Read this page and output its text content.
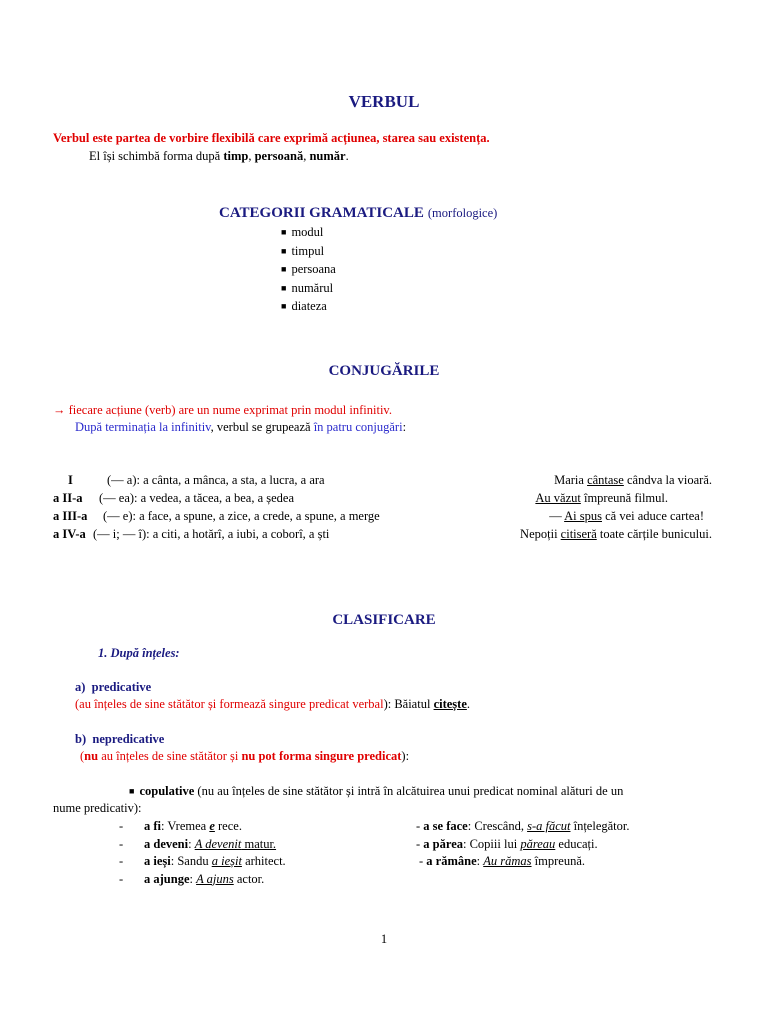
VERBUL
Verbul este partea de vorbire flexibilă care exprimă acțiunea, starea sau existența.
El își schimbă forma după timp, persoană, număr.
CATEGORII GRAMATICALE (morfologice)
■ modul
■ timpul
■ persoana
■ numărul
■ diateza
CONJUGĂRILE
→ fiecare acțiune (verb) are un nume exprimat prin modul infinitiv.
După terminația la infinitiv, verbul se grupează în patru conjugări:
I	(— a): a cânta, a mânca, a sta, a lucra, a ara
a II-a (— ea): a vedea, a tăcea, a bea, a ședea
a III-a (— e): a face, a spune, a zice, a crede, a spune, a merge
a IV-a (— i; — î): a citi, a hotărî, a iubi, a coborî, a ști
Maria cântase cândva la vioară.
Au văzut împreună filmul.
— Ai spus că vei aduce cartea!
Nepoții citiseră toate cărțile bunicului.
CLASIFICARE
1. După înțeles:
a) predicative
(au înțeles de sine stătător și formează singure predicat verbal): Băiatul citește.
b) nepredicative
(nu au înțeles de sine stătător și nu pot forma singure predicat):
■ copulative (nu au înțeles de sine stătător și intră în alcătuirea unui predicat nominal alături de un
nume predicativ):
- a fi: Vremea e rece.
- a deveni: A devenit matur.
- a ieși: Sandu a ieșit arhitect.
- a ajunge: A ajuns actor.
- a se face: Crescând, s-a făcut înțelegător.
- a părea: Copiii lui păreau educați.
- a rămâne: Au rămas împreună.
1
